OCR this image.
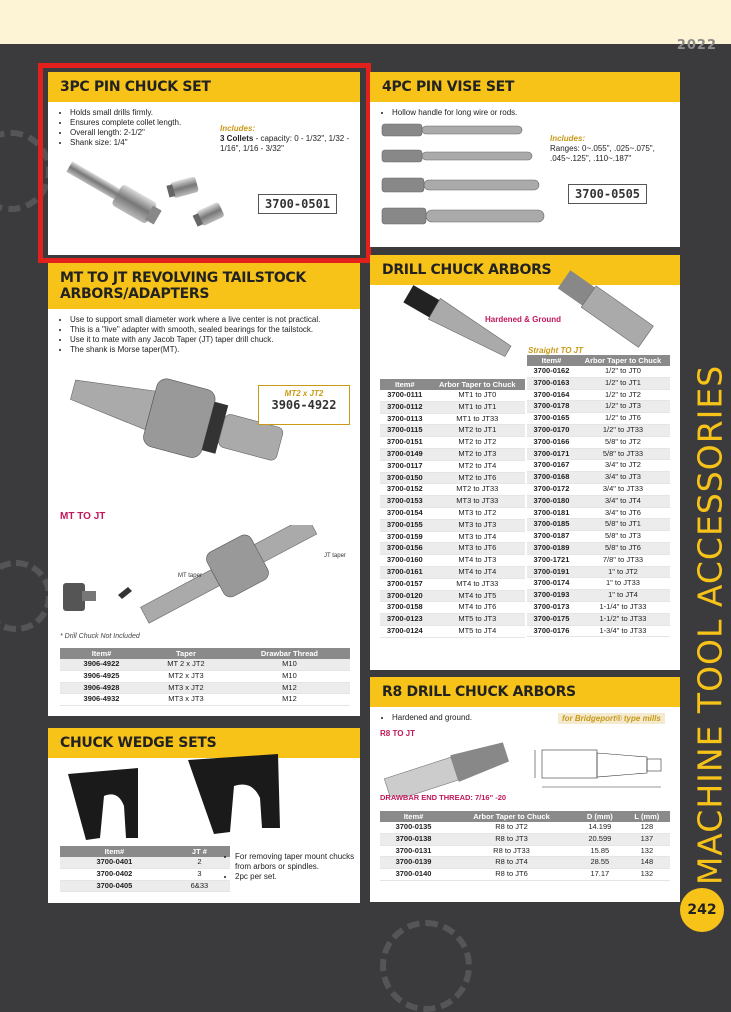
2022
3PC PIN CHUCK SET
• Holds small drills firmly.
• Ensures complete collet length.
• Overall length: 2-1/2"
• Shank size: 1/4"
Includes:
3 Collets - capacity: 0 - 1/32", 1/32 - 1/16", 1/16 - 3/32"
3700-0501
4PC PIN VISE SET
• Hollow handle for long wire or rods.
Includes:
Ranges: 0~.055", .025~.075", .045~.125", .110~.187"
3700-0505
MT TO JT REVOLVING TAILSTOCK
ARBORS/ADAPTERS
• Use to support small diameter work where a live center is not practical.
• This is a "live" adapter with smooth, sealed bearings for the tailstock.
• Use it to mate with any Jacob Taper (JT) taper drill chuck.
• The shank is Morse taper(MT).
MT2 x JT2
3906-4922
MT TO JT
MT taper
JT taper
* Drill Chuck Not Included
Item#	Taper	Drawbar Thread
3906-4922	MT 2 x JT2	M10
3906-4925	MT2 x JT3	M10
3906-4928	MT3 x JT2	M12
3906-4932	MT3 x JT3	M12
DRILL CHUCK ARBORS
Hardened & Ground
Straight TO JT
Item#	Arbor Taper to Chuck
3700-0111	MT1 to JT0
3700-0112	MT1 to JT1
3700-0113	MT1 to JT33
3700-0115	MT2 to JT1
3700-0151	MT2 to JT2
3700-0149	MT2 to JT3
3700-0117	MT2 to JT4
3700-0150	MT2 to JT6
3700-0152	MT2 to JT33
3700-0153	MT3 to JT33
3700-0154	MT3 to JT2
3700-0155	MT3 to JT3
3700-0159	MT3 to JT4
3700-0156	MT3 to JT6
3700-0160	MT4 to JT3
3700-0161	MT4 to JT4
3700-0157	MT4 to JT33
3700-0120	MT4 to JT5
3700-0158	MT4 to JT6
3700-0123	MT5 to JT3
3700-0124	MT5 to JT4
Item#	Arbor Taper to Chuck
3700-0162	1/2" to JT0
3700-0163	1/2" to JT1
3700-0164	1/2" to JT2
3700-0178	1/2" to JT3
3700-0165	1/2" to JT6
3700-0170	1/2" to JT33
3700-0166	5/8" to JT2
3700-0171	5/8" to JT33
3700-0167	3/4" to JT2
3700-0168	3/4" to JT3
3700-0172	3/4" to JT33
3700-0180	3/4" to JT4
3700-0181	3/4" to JT6
3700-0185	5/8" to JT1
3700-0187	5/8" to JT3
3700-0189	5/8" to JT6
3700-1721	7/8" to JT33
3700-0191	1" to JT2
3700-0174	1" to JT33
3700-0193	1" to JT4
3700-0173	1-1/4" to JT33
3700-0175	1-1/2" to JT33
3700-0176	1-3/4" to JT33
CHUCK WEDGE SETS
Item#	JT #
3700-0401	2
3700-0402	3
3700-0405	6&33
• For removing taper mount chucks from arbors or spindles.
• 2pc per set.
R8 DRILL CHUCK ARBORS
• Hardened and ground.	for Bridgeport® type mills
R8 TO JT
DRAWBAR END THREAD: 7/16" -20
Item#	Arbor Taper to Chuck	D (mm)	L (mm)
3700-0135	R8 to JT2	14.199	128
3700-0138	R8 to JT3	20.599	137
3700-0131	R8 to JT33	15.85	132
3700-0139	R8 to JT4	28.55	148
3700-0140	R8 to JT6	17.17	132 MACHINE TOOL ACCESSORIES
242
